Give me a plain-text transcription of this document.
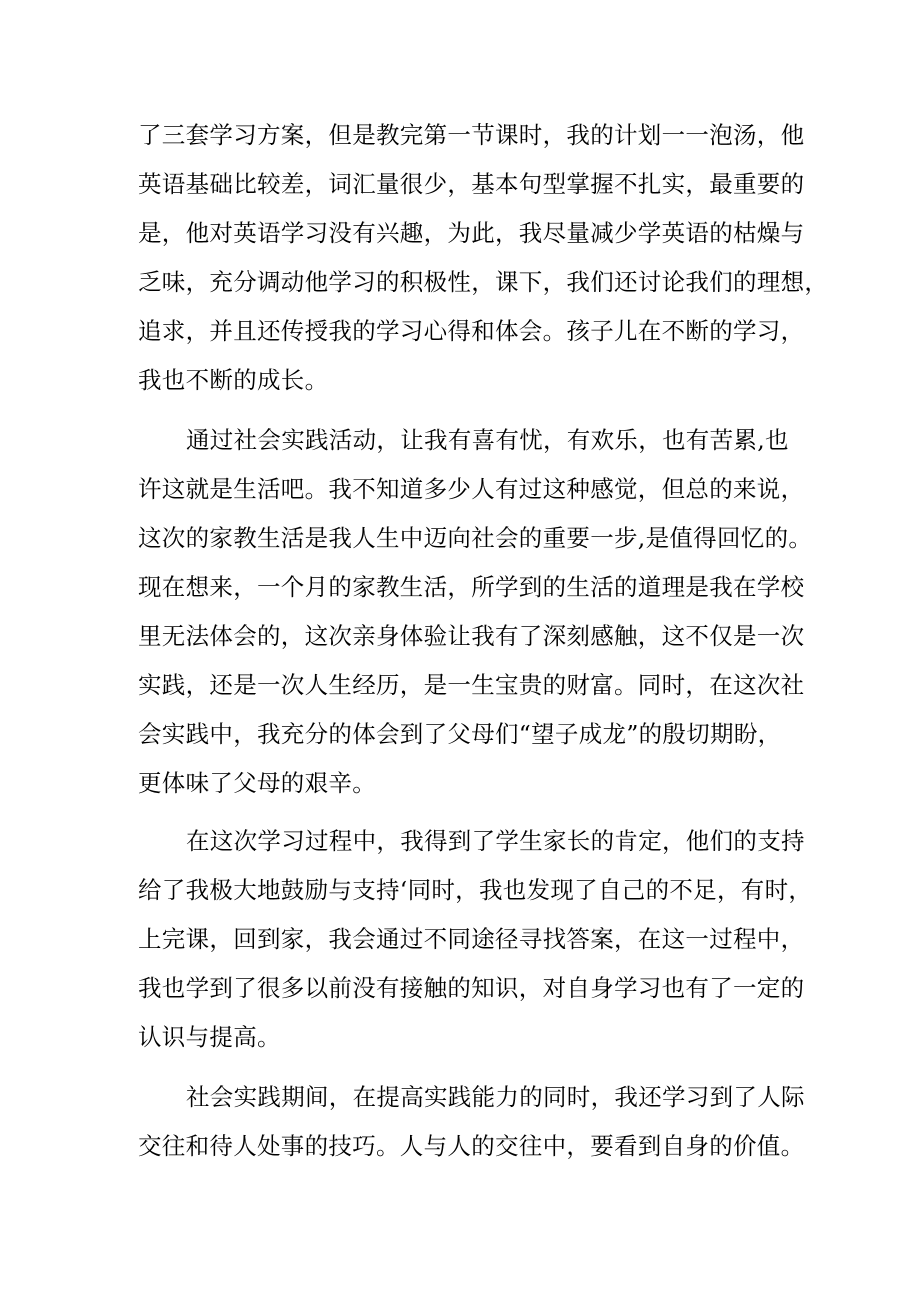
了三套学习方案，但是教完第一节课时，我的计划一一泡汤，他
英语基础比较差，词汇量很少，基本句型掌握不扎实，最重要的
是，他对英语学习没有兴趣，为此，我尽量减少学英语的枯燥与
乏味，充分调动他学习的积极性，课下，我们还讨论我们的理想，
追求，并且还传授我的学习心得和体会。孩子儿在不断的学习，
我也不断的成长。
通过社会实践活动，让我有喜有忧，有欢乐，也有苦累,也
许这就是生活吧。我不知道多少人有过这种感觉，但总的来说，
这次的家教生活是我人生中迈向社会的重要一步,是值得回忆的。
现在想来，一个月的家教生活，所学到的生活的道理是我在学校
里无法体会的，这次亲身体验让我有了深刻感触，这不仅是一次
实践，还是一次人生经历，是一生宝贵的财富。同时，在这次社
会实践中，我充分的体会到了父母们“望子成龙”的殷切期盼，
更体味了父母的艰辛。
在这次学习过程中，我得到了学生家长的肯定，他们的支持
给了我极大地鼓励与支持‘同时，我也发现了自己的不足，有时，
上完课，回到家，我会通过不同途径寻找答案，在这一过程中，
我也学到了很多以前没有接触的知识，对自身学习也有了一定的
认识与提高。
社会实践期间，在提高实践能力的同时，我还学习到了人际
交往和待人处事的技巧。人与人的交往中，要看到自身的价值。
